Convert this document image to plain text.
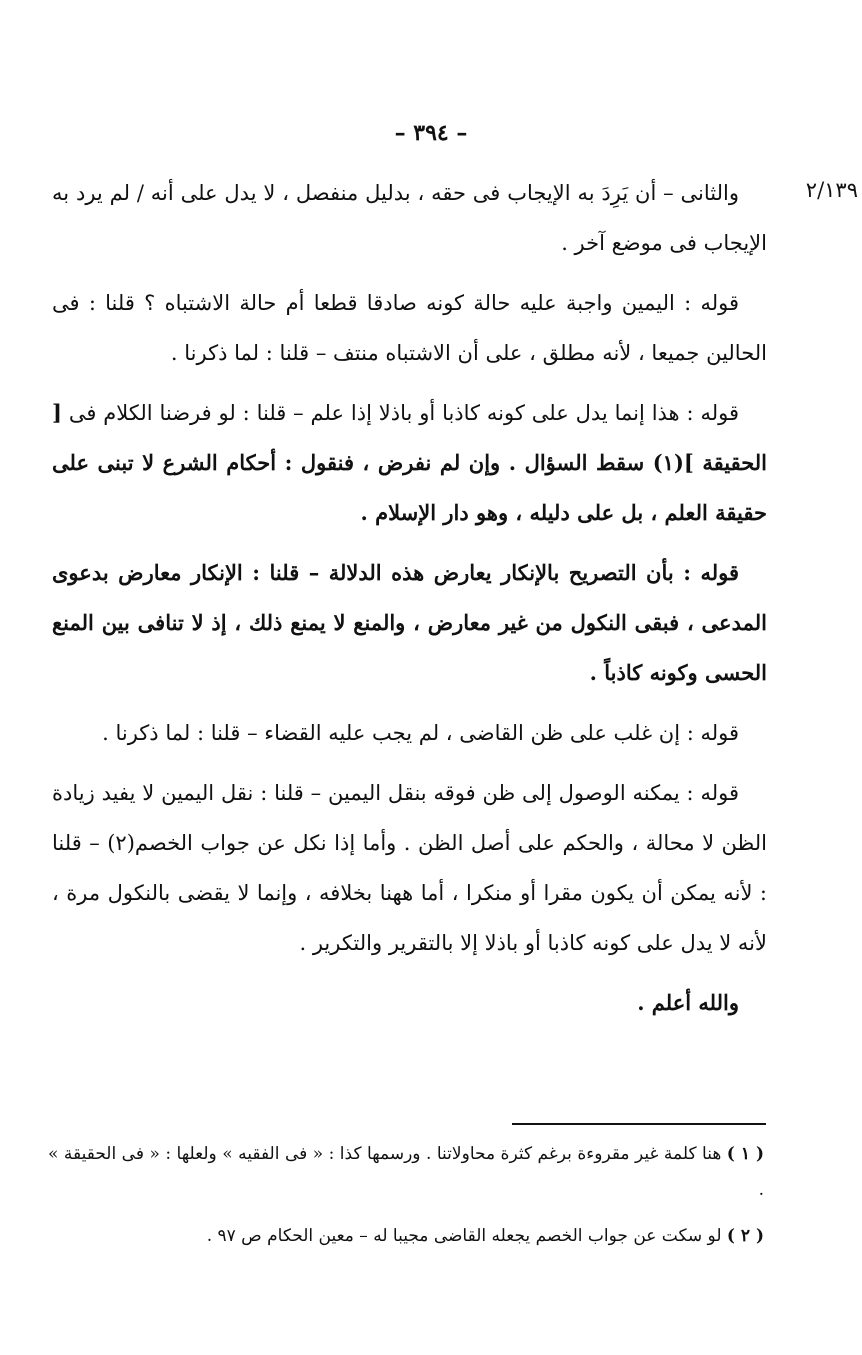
– ٣٩٤ –
٢/١٣٩

والثانى – أن يَرِدَ به الإيجاب فى حقه ، بدليل منفصل ، لا يدل على أنه / لم يرد به الإيجاب فى موضع آخر .

قوله : اليمين واجبة عليه حالة كونه صادقا قطعا أم حالة الاشتباه ؟ قلنا : فى الحالين جميعا ، لأنه مطلق ، على أن الاشتباه منتف – قلنا : لما ذكرنا .

قوله : هذا إنما يدل على كونه كاذبا أو باذلا إذا علم – قلنا : لو فرضنا الكلام فى [ الحقيقة ](١) سقط السؤال . وإن لم نفرض ، فنقول : أحكام الشرع لا تبنى على حقيقة العلم ، بل على دليله ، وهو دار الإسلام .

قوله : بأن التصريح بالإنكار يعارض هذه الدلالة – قلنا : الإنكار معارض بدعوى المدعى ، فبقى النكول من غير معارض ، والمنع لا يمنع ذلك ، إذ لا تنافى بين المنع الحسى وكونه كاذباً .

قوله : إن غلب على ظن القاضى ، لم يجب عليه القضاء – قلنا : لما ذكرنا .

قوله : يمكنه الوصول إلى ظن فوقه بنقل اليمين – قلنا : نقل اليمين لا يفيد زيادة الظن لا محالة ، والحكم على أصل الظن . وأما إذا نكل عن جواب الخصم(٢) – قلنا : لأنه يمكن أن يكون مقرا أو منكرا ، أما ههنا بخلافه ، وإنما لا يقضى بالنكول مرة ، لأنه لا يدل على كونه كاذبا أو باذلا إلا بالتقرير والتكرير .

والله أعلم .

( ١ ) هنا كلمة غير مقروءة برغم كثرة محاولاتنا . ورسمها كذا : « فى الفقيه » ولعلها : « فى الحقيقة » .

( ٢ ) لو سكت عن جواب الخصم يجعله القاضى مجيبا له – معين الحكام ص ٩٧ .
